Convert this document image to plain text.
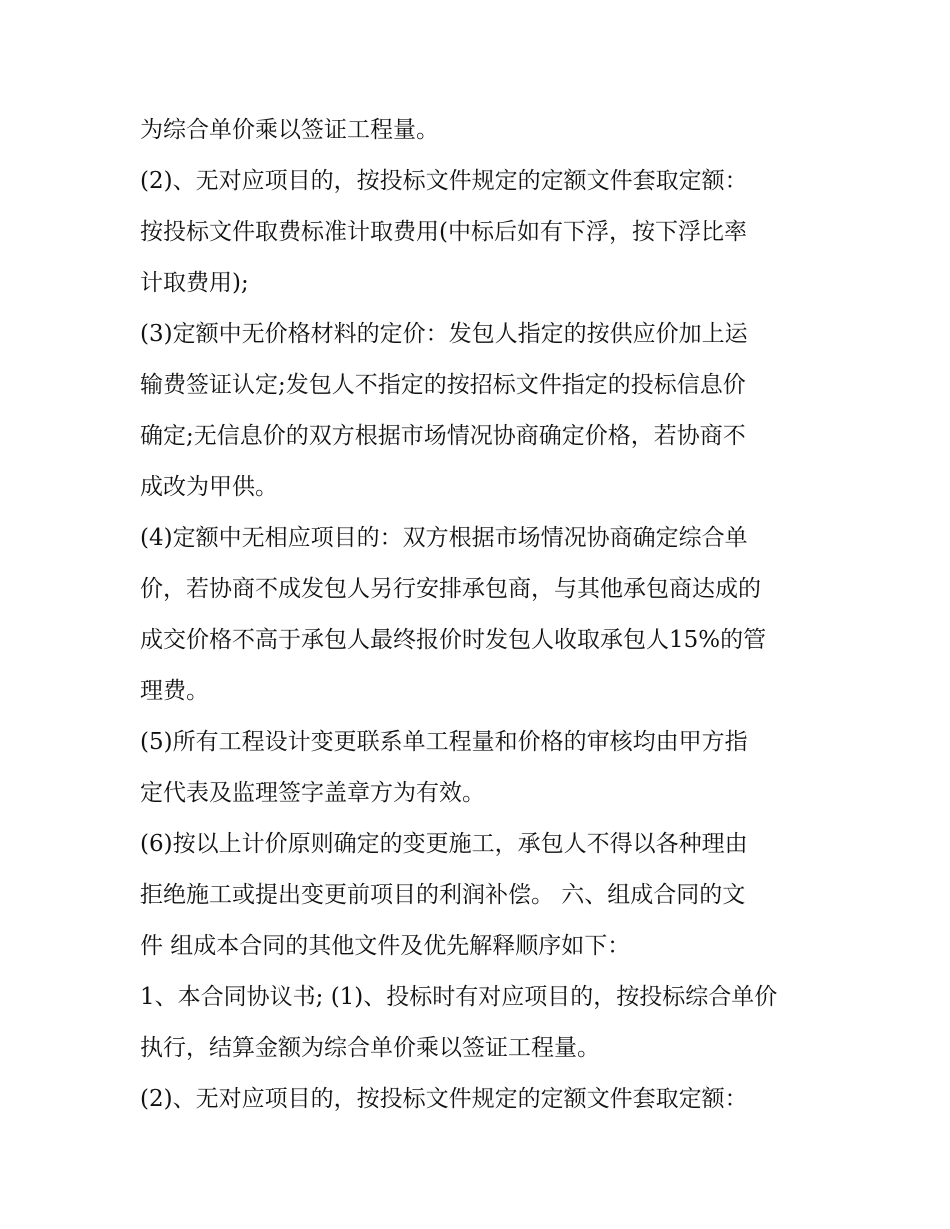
为综合单价乘以签证工程量。
(2)、无对应项目的，按投标文件规定的定额文件套取定额：
按投标文件取费标准计取费用(中标后如有下浮，按下浮比率
计取费用);
(3)定额中无价格材料的定价：发包人指定的按供应价加上运
输费签证认定;发包人不指定的按招标文件指定的投标信息价
确定;无信息价的双方根据市场情况协商确定价格，若协商不
成改为甲供。
(4)定额中无相应项目的：双方根据市场情况协商确定综合单
价，若协商不成发包人另行安排承包商，与其他承包商达成的
成交价格不高于承包人最终报价时发包人收取承包人15%的管
理费。
(5)所有工程设计变更联系单工程量和价格的审核均由甲方指
定代表及监理签字盖章方为有效。
(6)按以上计价原则确定的变更施工，承包人不得以各种理由
拒绝施工或提出变更前项目的利润补偿。 六、组成合同的文
件 组成本合同的其他文件及优先解释顺序如下：
1、本合同协议书; (1)、投标时有对应项目的，按投标综合单价
执行，结算金额为综合单价乘以签证工程量。
(2)、无对应项目的，按投标文件规定的定额文件套取定额：
